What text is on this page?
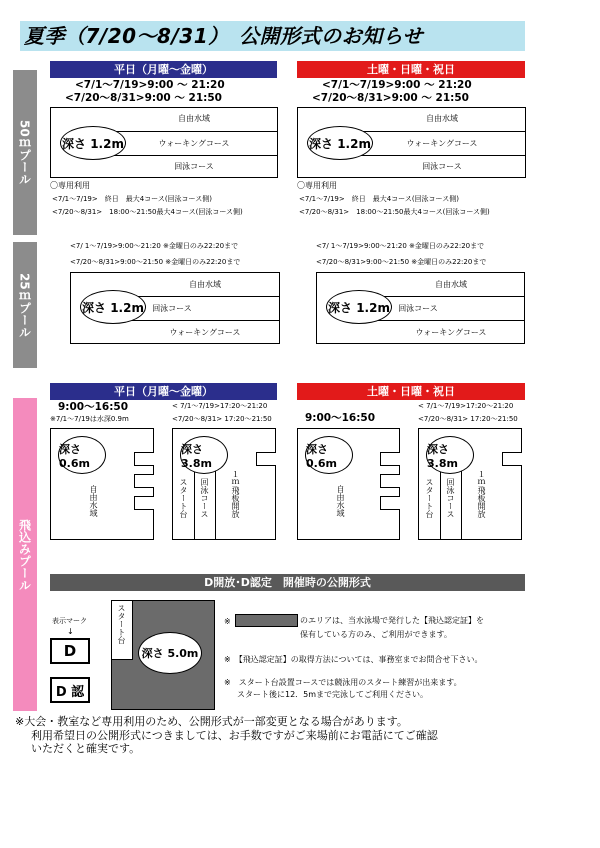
夏季（7/20～8/31）　公開形式のお知らせ
50ｍプール
25ｍプール
飛込みプール
平日（月曜～金曜）
<7/1～7/19>9:00 ～ 21:20
<7/20～8/31>9:00 ～ 21:50
自由水域
ウォーキングコース
回泳コース
深さ 1.2m
〇専用利用
<7/1～7/19>　終日　最大4コース(回泳コース側)
<7/20～8/31>　18:00～21:50最大4コース(回泳コース側)
土曜・日曜・祝日
<7/1～7/19>9:00 ～ 21:20
<7/20～8/31>9:00 ～ 21:50
自由水域
ウォーキングコース
回泳コース
深さ 1.2m
〇専用利用
<7/1～7/19>　終日　最大4コース(回泳コース側)
<7/20～8/31>　18:00～21:50最大4コース(回泳コース側)
<7/ 1～7/19>9:00～21:20 ※金曜日のみ22:20まで
<7/20～8/31>9:00～21:50 ※金曜日のみ22:20まで
自由水域
回泳コース
ウォーキングコース
深さ 1.2m
<7/ 1～7/19>9:00～21:20 ※金曜日のみ22:20まで
<7/20～8/31>9:00～21:50 ※金曜日のみ22:20まで
自由水域
回泳コース
ウォーキングコース
深さ 1.2m
平日（月曜～金曜）
9:00～16:50
※7/1～7/19は水深0.9m
< 7/1～7/19>17:20～21:20
<7/20～8/31> 17:20～21:50
深さ 0.6m
自由水域
深さ 3.8m
スタート台 回泳コース	１ｍ飛板開放
土曜・日曜・祝日
9:00～16:50
< 7/1～7/19>17:20～21:20
<7/20～8/31> 17:20～21:50
深さ 0.6m
自由水域
深さ 3.8m
スタート台 回泳コース	１ｍ飛板開放
D開放･D認定　開催時の公開形式
表示マーク
↓
D
D 認
スタート台
深さ 5.0m
※	のエリアは、当水泳場で発行した【飛込認定証】を
保有している方のみ、ご利用ができます。
※　【飛込認定証】の取得方法については、事務室までお問合せ下さい。
※　スタート台設置コースでは競泳用のスタート練習が出来ます。
スタート後に12．5mまで完泳してご利用ください。
※大会・教室など専用利用のため、公開形式が一部変更となる場合があります。
利用希望日の公開形式につきましては、お手数ですがご来場前にお電話にてご確認
いただくと確実です。
